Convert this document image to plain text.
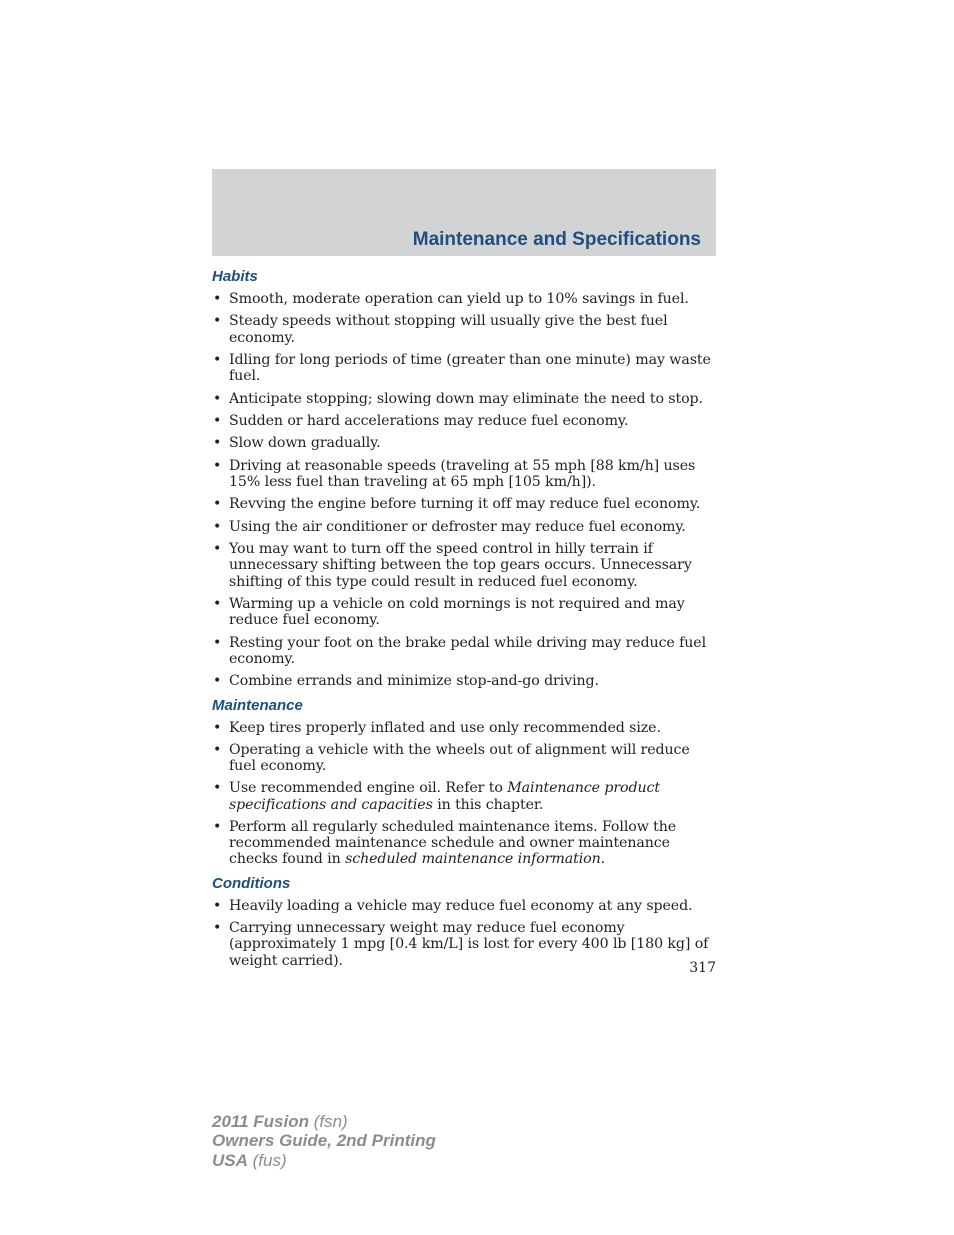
Maintenance and Specifications
Habits
• Smooth, moderate operation can yield up to 10% savings in fuel.
• Steady speeds without stopping will usually give the best fuel economy.
• Idling for long periods of time (greater than one minute) may waste fuel.
• Anticipate stopping; slowing down may eliminate the need to stop.
• Sudden or hard accelerations may reduce fuel economy.
• Slow down gradually.
• Driving at reasonable speeds (traveling at 55 mph [88 km/h] uses 15% less fuel than traveling at 65 mph [105 km/h]).
• Revving the engine before turning it off may reduce fuel economy.
• Using the air conditioner or defroster may reduce fuel economy.
• You may want to turn off the speed control in hilly terrain if unnecessary shifting between the top gears occurs. Unnecessary shifting of this type could result in reduced fuel economy.
• Warming up a vehicle on cold mornings is not required and may reduce fuel economy.
• Resting your foot on the brake pedal while driving may reduce fuel economy.
• Combine errands and minimize stop-and-go driving.
Maintenance
• Keep tires properly inflated and use only recommended size.
• Operating a vehicle with the wheels out of alignment will reduce fuel economy.
• Use recommended engine oil. Refer to Maintenance product specifications and capacities in this chapter.
• Perform all regularly scheduled maintenance items. Follow the recommended maintenance schedule and owner maintenance checks found in scheduled maintenance information.
Conditions
• Heavily loading a vehicle may reduce fuel economy at any speed.
• Carrying unnecessary weight may reduce fuel economy (approximately 1 mpg [0.4 km/L] is lost for every 400 lb [180 kg] of weight carried).	317
2011 Fusion (fsn)
Owners Guide, 2nd Printing
USA (fus)
